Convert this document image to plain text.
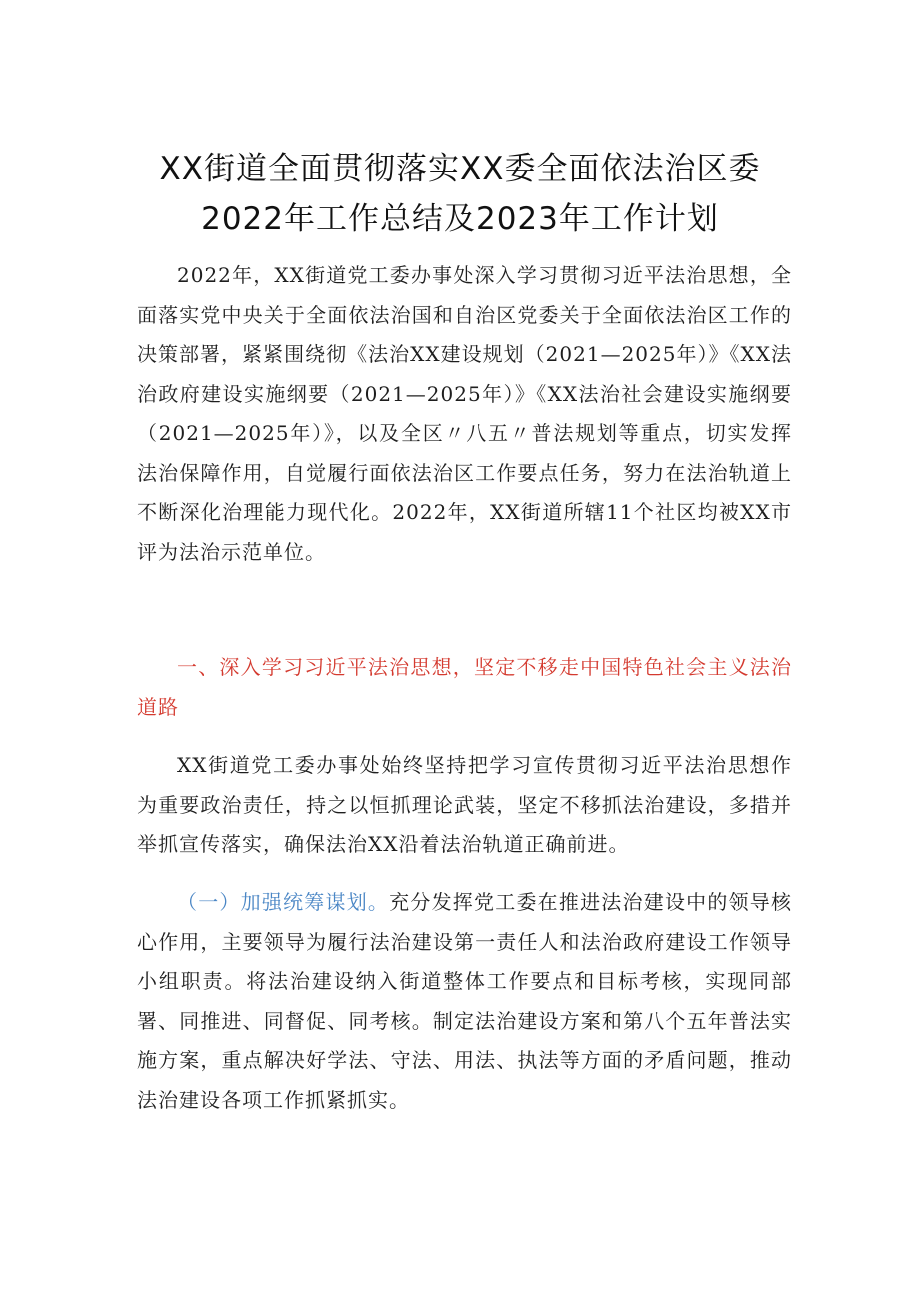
XX街道全面贯彻落实XX委全面依法治区委
2022年工作总结及2023年工作计划

2022年，XX街道党工委办事处深入学习贯彻习近平法治思想，全面落实党中央关于全面依法治国和自治区党委关于全面依法治区工作的决策部署，紧紧围绕彻《法治XX建设规划（2021—2025年）》《XX法治政府建设实施纲要（2021—2025年）》《XX法治社会建设实施纲要（2021—2025年）》，以及全区〃八五〃普法规划等重点，切实发挥法治保障作用，自觉履行面依法治区工作要点任务，努力在法治轨道上不断深化治理能力现代化。2022年，XX街道所辖11个社区均被XX市评为法治示范单位。

一、深入学习习近平法治思想，坚定不移走中国特色社会主义法治道路

XX街道党工委办事处始终坚持把学习宣传贯彻习近平法治思想作为重要政治责任，持之以恒抓理论武装，坚定不移抓法治建设，多措并举抓宣传落实，确保法治XX沿着法治轨道正确前进。

（一）加强统筹谋划。充分发挥党工委在推进法治建设中的领导核心作用，主要领导为履行法治建设第一责任人和法治政府建设工作领导小组职责。将法治建设纳入街道整体工作要点和目标考核，实现同部署、同推进、同督促、同考核。制定法治建设方案和第八个五年普法实施方案，重点解决好学法、守法、用法、执法等方面的矛盾问题，推动法治建设各项工作抓紧抓实。
